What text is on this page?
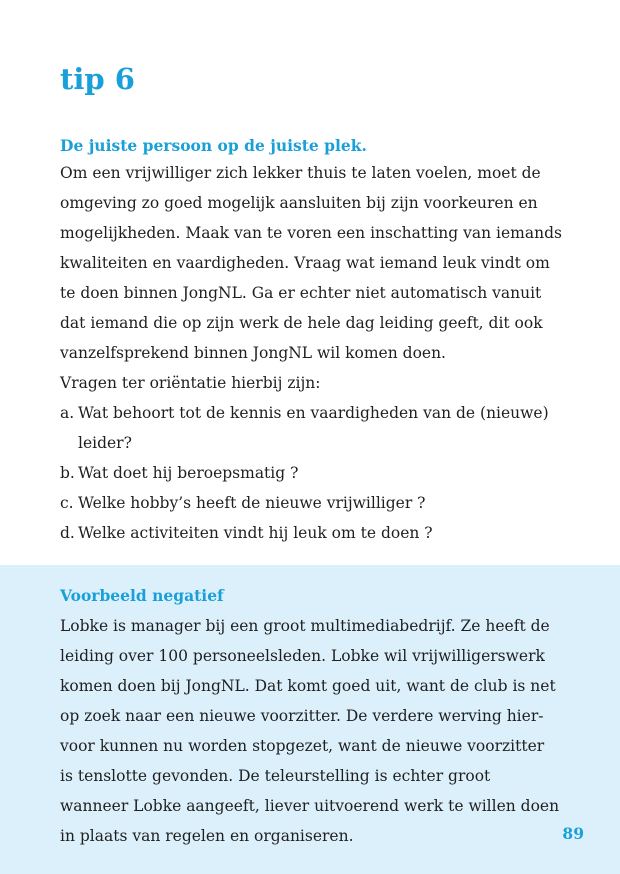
tip 6
De juiste persoon op de juiste plek.
Om een vrijwilliger zich lekker thuis te laten voelen, moet de omgeving zo goed mogelijk aansluiten bij zijn voorkeuren en mogelijkheden. Maak van te voren een inschatting van iemands kwaliteiten en vaardigheden. Vraag wat iemand leuk vindt om te doen binnen JongNL. Ga er echter niet automatisch vanuit dat iemand die op zijn werk de hele dag leiding geeft, dit ook vanzelfsprekend binnen JongNL wil komen doen.
Vragen ter oriëntatie hierbij zijn:
a. Wat behoort tot de kennis en vaardigheden van de (nieuwe) leider?
b. Wat doet hij beroepsmatig ?
c. Welke hobby’s heeft de nieuwe vrijwilliger ?
d. Welke activiteiten vindt hij leuk om te doen ?
Voorbeeld negatief
Lobke is manager bij een groot multimediabedrijf. Ze heeft de leiding over 100 personeelsleden. Lobke wil vrijwilligerswerk komen doen bij JongNL. Dat komt goed uit, want de club is net op zoek naar een nieuwe voorzitter. De verdere werving hiervoor kunnen nu worden stopgezet, want de nieuwe voorzitter is tenslotte gevonden. De teleurstelling is echter groot wanneer Lobke aangeeft, liever uitvoerend werk te willen doen in plaats van regelen en organiseren.	89
